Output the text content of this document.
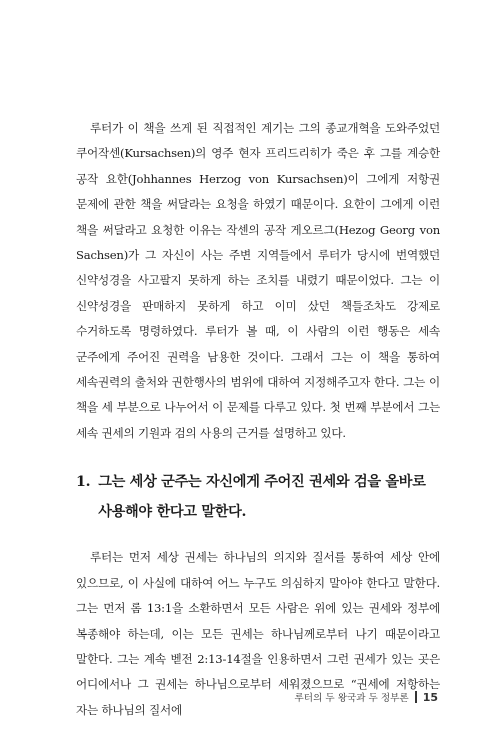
루터가 이 책을 쓰게 된 직접적인 계기는 그의 종교개혁을 도와주었던 쿠어작센(Kursachsen)의 영주 현자 프리드리히가 죽은 후 그를 계승한 공작 요한(Johhannes Herzog von Kursachsen)이 그에게 저항권 문제에 관한 책을 써달라는 요청을 하였기 때문이다. 요한이 그에게 이런 책을 써달라고 요청한 이유는 작센의 공작 게오르그(Hezog Georg von Sachsen)가 그 자신이 사는 주변 지역들에서 루터가 당시에 번역했던 신약성경을 사고팔지 못하게 하는 조치를 내렸기 때문이었다. 그는 이 신약성경을 판매하지 못하게 하고 이미 샀던 책들조차도 강제로 수거하도록 명령하였다. 루터가 볼 때, 이 사람의 이런 행동은 세속 군주에게 주어진 권력을 남용한 것이다. 그래서 그는 이 책을 통하여 세속권력의 출처와 권한행사의 범위에 대하여 지정해주고자 한다. 그는 이 책을 세 부분으로 나누어서 이 문제를 다루고 있다. 첫 번째 부분에서 그는 세속 권세의 기원과 검의 사용의 근거를 설명하고 있다.

1. 그는 세상 군주는 자신에게 주어진 권세와 검을 올바로 사용해야 한다고 말한다.

루터는 먼저 세상 권세는 하나님의 의지와 질서를 통하여 세상 안에 있으므로, 이 사실에 대하여 어느 누구도 의심하지 말아야 한다고 말한다. 그는 먼저 롬 13:1을 소환하면서 모든 사람은 위에 있는 권세와 정부에 복종해야 하는데, 이는 모든 권세는 하나님께로부터 나기 때문이라고 말한다. 그는 계속 벧전 2:13-14절을 인용하면서 그런 권세가 있는 곳은 어디에서나 그 권세는 하나님으로부터 세워졌으므로 “권세에 저항하는 자는 하나님의 질서에

루터의 두 왕국과 두 정부론 15
